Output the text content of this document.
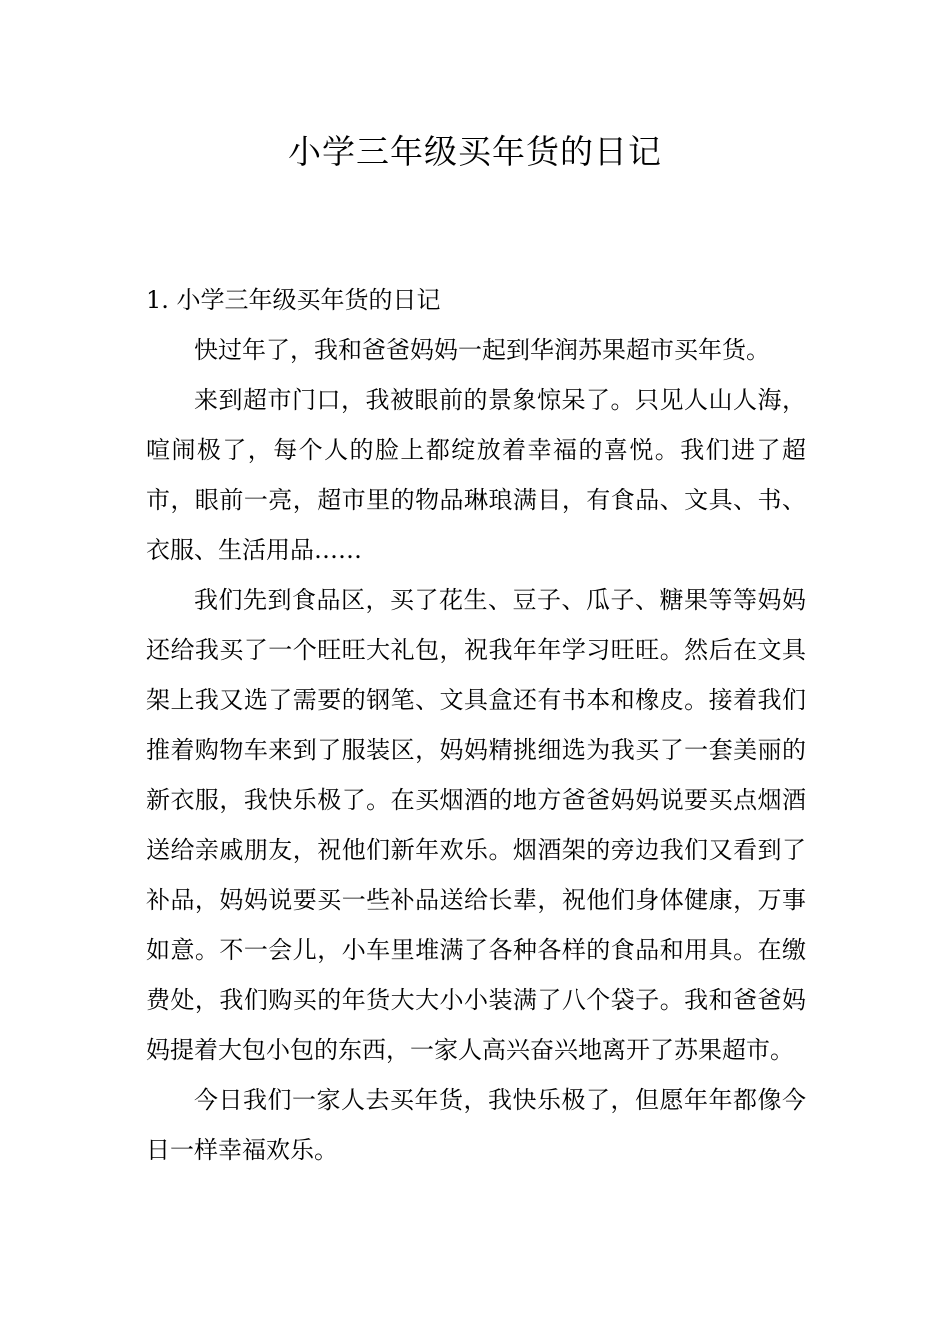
小学三年级买年货的日记
1. 小学三年级买年货的日记

快过年了，我和爸爸妈妈一起到华润苏果超市买年货。

来到超市门口，我被眼前的景象惊呆了。只见人山人海，喧闹极了，每个人的脸上都绽放着幸福的喜悦。我们进了超市，眼前一亮，超市里的物品琳琅满目，有食品、文具、书、衣服、生活用品……

我们先到食品区，买了花生、豆子、瓜子、糖果等等妈妈还给我买了一个旺旺大礼包，祝我年年学习旺旺。然后在文具架上我又选了需要的钢笔、文具盒还有书本和橡皮。接着我们推着购物车来到了服装区，妈妈精挑细选为我买了一套美丽的新衣服，我快乐极了。在买烟酒的地方爸爸妈妈说要买点烟酒送给亲戚朋友，祝他们新年欢乐。烟酒架的旁边我们又看到了补品，妈妈说要买一些补品送给长辈，祝他们身体健康，万事如意。不一会儿，小车里堆满了各种各样的食品和用具。在缴费处，我们购买的年货大大小小装满了八个袋子。我和爸爸妈妈提着大包小包的东西，一家人高兴奋兴地离开了苏果超市。

今日我们一家人去买年货，我快乐极了，但愿年年都像今日一样幸福欢乐。
